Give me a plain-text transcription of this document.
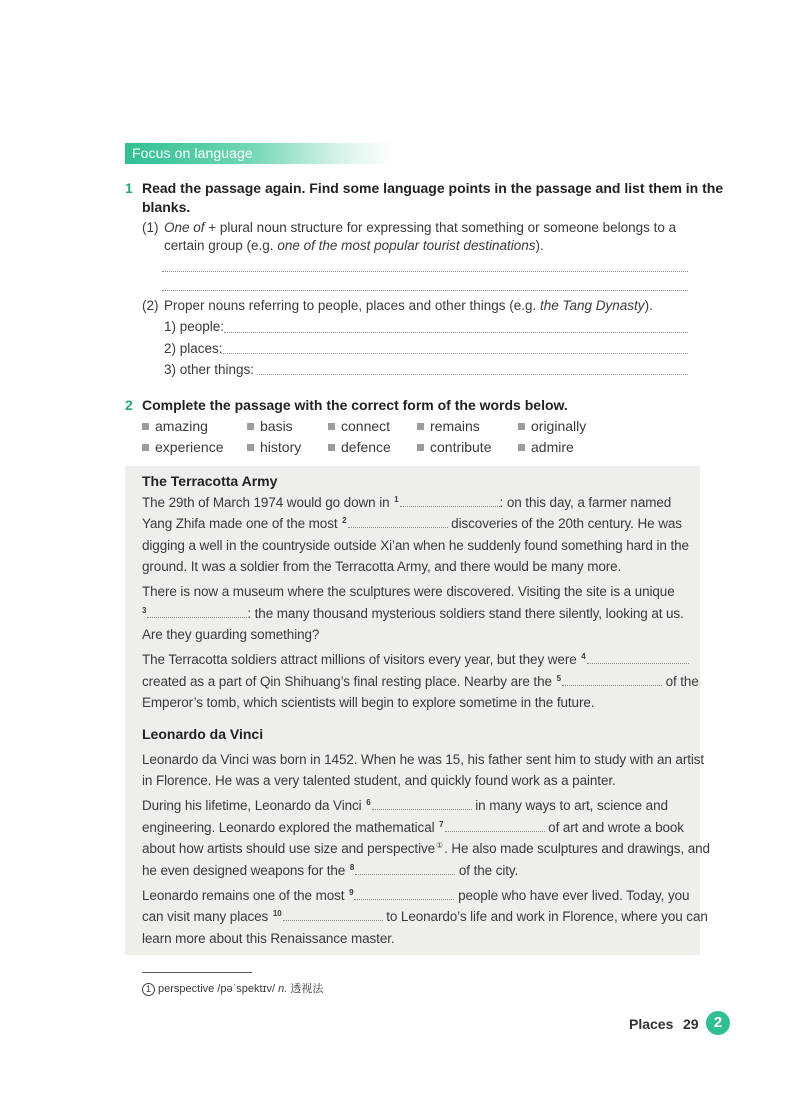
Focus on language
1 Read the passage again. Find some language points in the passage and list them in the
blanks.
(1) One of + plural noun structure for expressing that something or someone belongs to a
certain group (e.g. one of the most popular tourist destinations).
(2) Proper nouns referring to people, places and other things (e.g. the Tang Dynasty).
1) people:
2) places:
3) other things:
2 Complete the passage with the correct form of the words below.
amazing	basis	connect	remains	originally
experience	history	defence	contribute	admire
The Terracotta Army
The 29th of March 1974 would go down in $^1$	: on this day, a farmer named
Yang Zhifa made one of the most $^2$	discoveries of the 20th century. He was
digging a well in the countryside outside Xi’an when he suddenly found something hard in the
ground. It was a soldier from the Terracotta Army, and there would be many more.
There is now a museum where the sculptures were discovered. Visiting the site is a unique
$^3$	: the many thousand mysterious soldiers stand there silently, looking at us.
Are they guarding something?
The Terracotta soldiers attract millions of visitors every year, but they were $^4$
created as a part of Qin Shihuang’s final resting place. Nearby are the $^5$	of the
Emperor’s tomb, which scientists will begin to explore sometime in the future.
Leonardo da Vinci
Leonardo da Vinci was born in 1452. When he was 15, his father sent him to study with an artist
in Florence. He was a very talented student, and quickly found work as a painter.
During his lifetime, Leonardo da Vinci $^6$	in many ways to art, science and
engineering. Leonardo explored the mathematical $^7$	of art and wrote a book
about how artists should use size and perspective①. He also made sculptures and drawings, and
he even designed weapons for the $^8$	of the city.
Leonardo remains one of the most $^9$	people who have ever lived. Today, you
can visit many places $^{10}$	to Leonardo’s life and work in Florence, where you can
learn more about this Renaissance master.
1 perspective /pəˈspektɪv/ n. 透视法
Places 29	2
